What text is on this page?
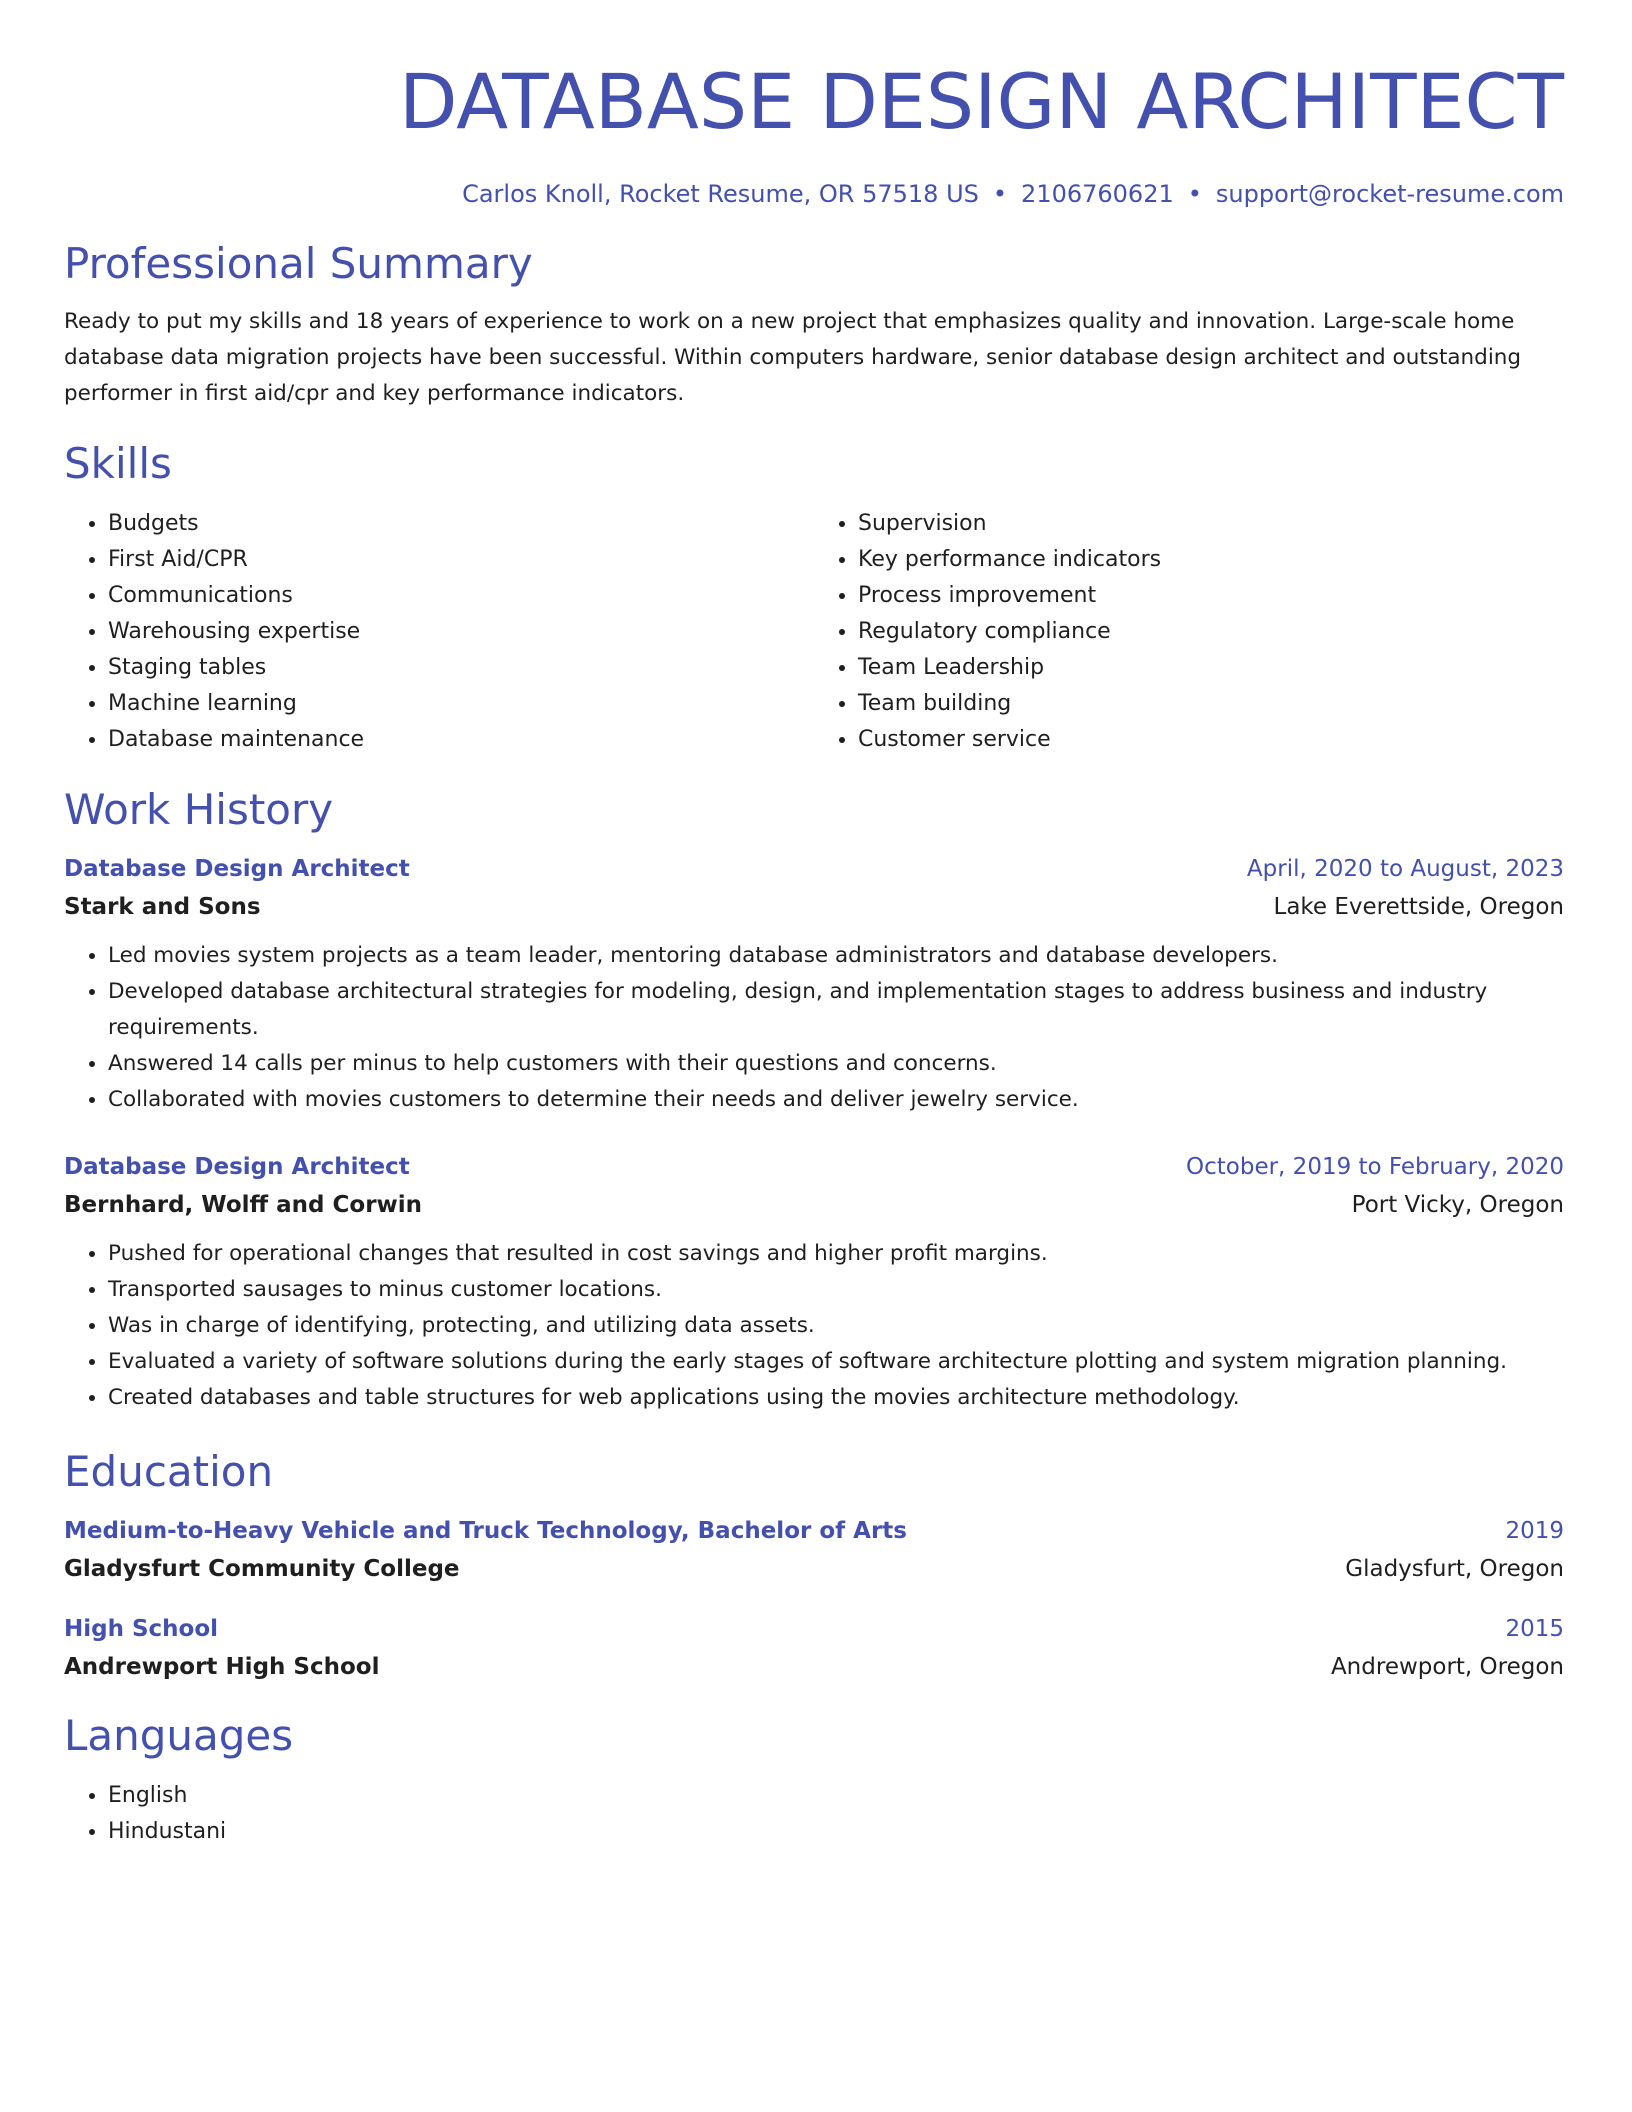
DATABASE DESIGN ARCHITECT
Carlos Knoll, Rocket Resume, OR 57518 US • 2106760621 • support@rocket-resume.com
Professional Summary
Ready to put my skills and 18 years of experience to work on a new project that emphasizes quality and innovation. Large-scale home database data migration projects have been successful. Within computers hardware, senior database design architect and outstanding performer in first aid/cpr and key performance indicators.
Skills
• Budgets
• First Aid/CPR
• Communications
• Warehousing expertise
• Staging tables
• Machine learning
• Database maintenance
• Supervision
• Key performance indicators
• Process improvement
• Regulatory compliance
• Team Leadership
• Team building
• Customer service
Work History
Database Design Architect	April, 2020 to August, 2023
Stark and Sons	Lake Everettside, Oregon
• Led movies system projects as a team leader, mentoring database administrators and database developers.
• Developed database architectural strategies for modeling, design, and implementation stages to address business and industry requirements.
• Answered 14 calls per minus to help customers with their questions and concerns.
• Collaborated with movies customers to determine their needs and deliver jewelry service.
Database Design Architect	October, 2019 to February, 2020
Bernhard, Wolff and Corwin	Port Vicky, Oregon
• Pushed for operational changes that resulted in cost savings and higher profit margins.
• Transported sausages to minus customer locations.
• Was in charge of identifying, protecting, and utilizing data assets.
• Evaluated a variety of software solutions during the early stages of software architecture plotting and system migration planning.
• Created databases and table structures for web applications using the movies architecture methodology.
Education
Medium-to-Heavy Vehicle and Truck Technology, Bachelor of Arts	2019
Gladysfurt Community College	Gladysfurt, Oregon
High School	2015
Andrewport High School	Andrewport, Oregon
Languages
• English
• Hindustani
